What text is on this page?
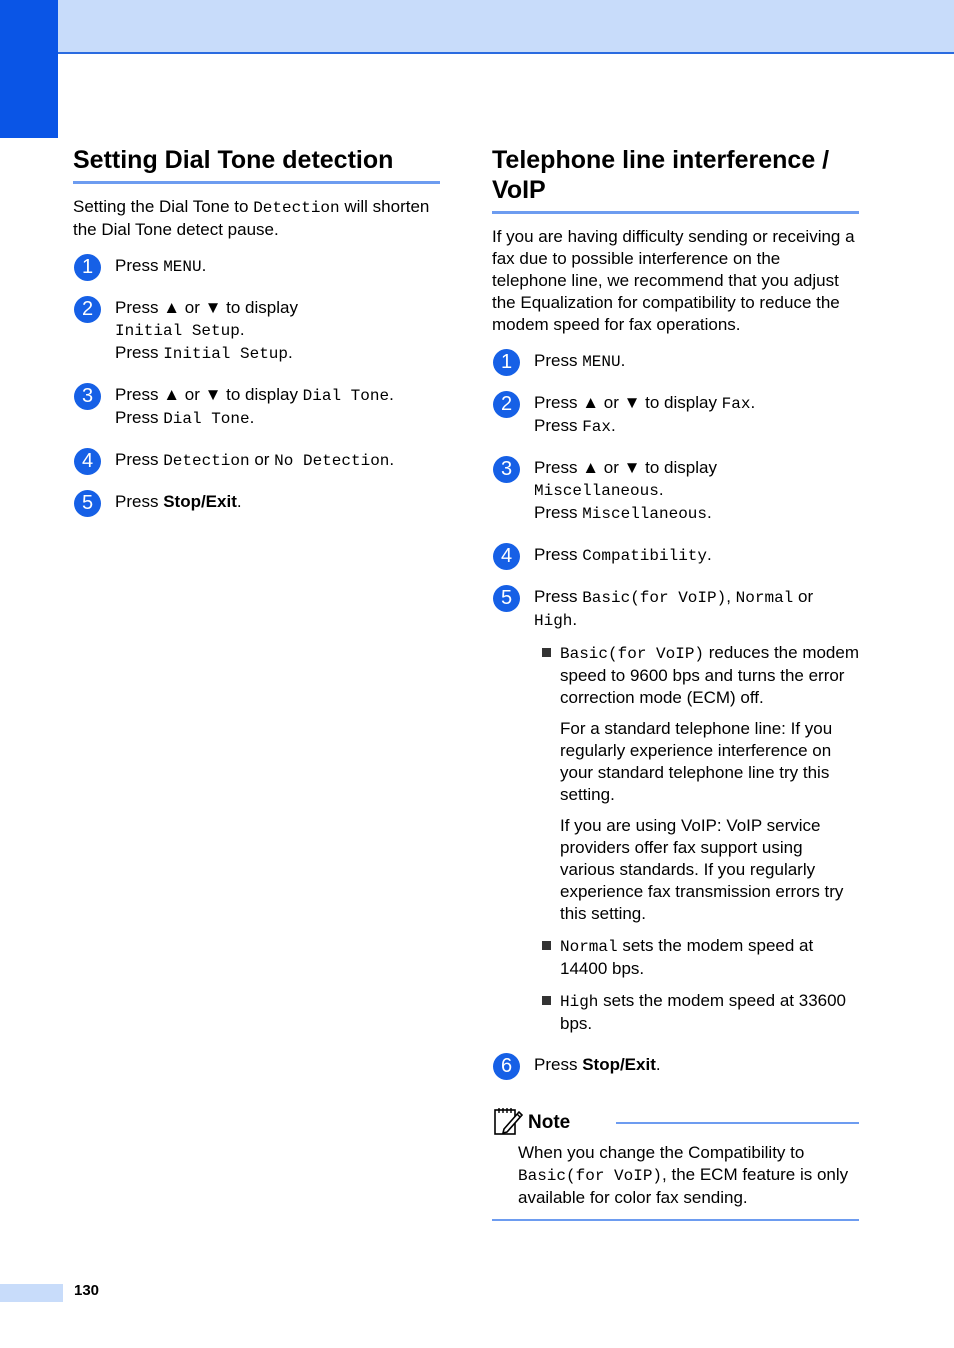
Setting Dial Tone detection

Setting the Dial Tone to Detection will shorten the Dial Tone detect pause.

1	Press MENU.
2	Press ▲ or ▼ to display
Initial Setup.
Press Initial Setup.
3	Press ▲ or ▼ to display Dial Tone.
Press Dial Tone.
4	Press Detection or No Detection.
5	Press Stop/Exit.
Telephone line interference /
VoIP

If you are having difficulty sending or receiving a fax due to possible interference on the telephone line, we recommend that you adjust the Equalization for compatibility to reduce the modem speed for fax operations.

1	Press MENU.
2	Press ▲ or ▼ to display Fax.
Press Fax.
3	Press ▲ or ▼ to display
Miscellaneous.
Press Miscellaneous.
4	Press Compatibility.
5	Press Basic(for VoIP), Normal or
High.
Basic(for VoIP) reduces the modem speed to 9600 bps and turns the error correction mode (ECM) off.

For a standard telephone line: If you regularly experience interference on your standard telephone line try this setting.

If you are using VoIP: VoIP service providers offer fax support using various standards. If you regularly experience fax transmission errors try this setting.

Normal sets the modem speed at 14400 bps.
High sets the modem speed at 33600 bps.
6	Press Stop/Exit.
Note
When you change the Compatibility to
Basic(for VoIP), the ECM feature is only available for color fax sending.
130
